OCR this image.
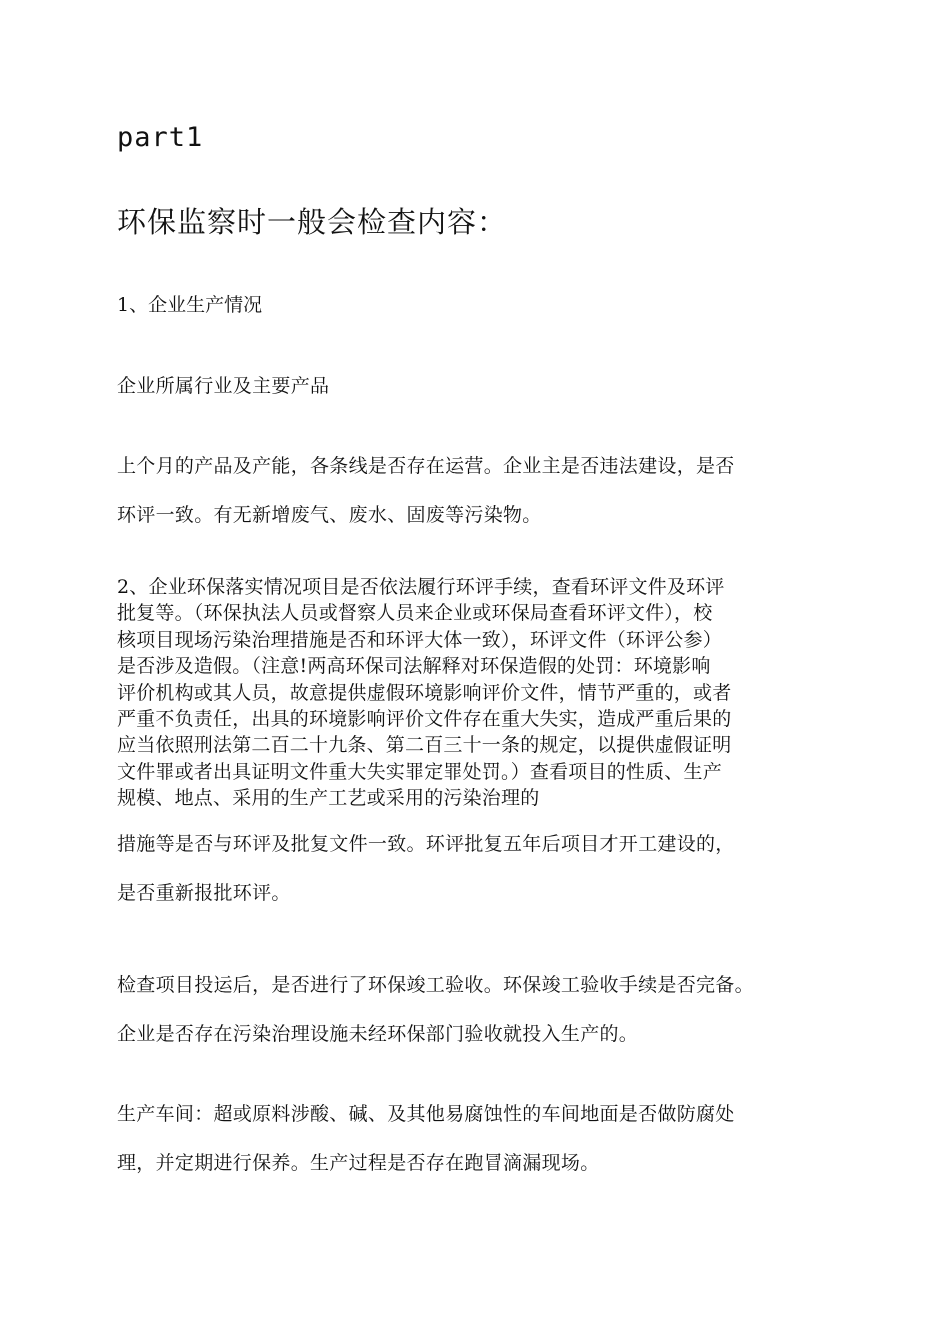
part1
环保监察时一般会检查内容：
1、企业生产情况
企业所属行业及主要产品
上个月的产品及产能，各条线是否存在运营。企业主是否违法建设，是否
环评一致。有无新增废气、废水、固废等污染物。
2、企业环保落实情况项目是否依法履行环评手续，查看环评文件及环评
批复等。（环保执法人员或督察人员来企业或环保局查看环评文件），校
核项目现场污染治理措施是否和环评大体一致），环评文件（环评公参）
是否涉及造假。（注意!两高环保司法解释对环保造假的处罚：环境影响
评价机构或其人员，故意提供虚假环境影响评价文件，情节严重的，或者
严重不负责任，出具的环境影响评价文件存在重大失实，造成严重后果的
应当依照刑法第二百二十九条、第二百三十一条的规定，以提供虚假证明
文件罪或者出具证明文件重大失实罪定罪处罚。）查看项目的性质、生产
规模、地点、采用的生产工艺或采用的污染治理的
措施等是否与环评及批复文件一致。环评批复五年后项目才开工建设的，
是否重新报批环评。
检查项目投运后，是否进行了环保竣工验收。环保竣工验收手续是否完备。
企业是否存在污染治理设施未经环保部门验收就投入生产的。
生产车间：超或原料涉酸、碱、及其他易腐蚀性的车间地面是否做防腐处
理，并定期进行保养。生产过程是否存在跑冒滴漏现场。
